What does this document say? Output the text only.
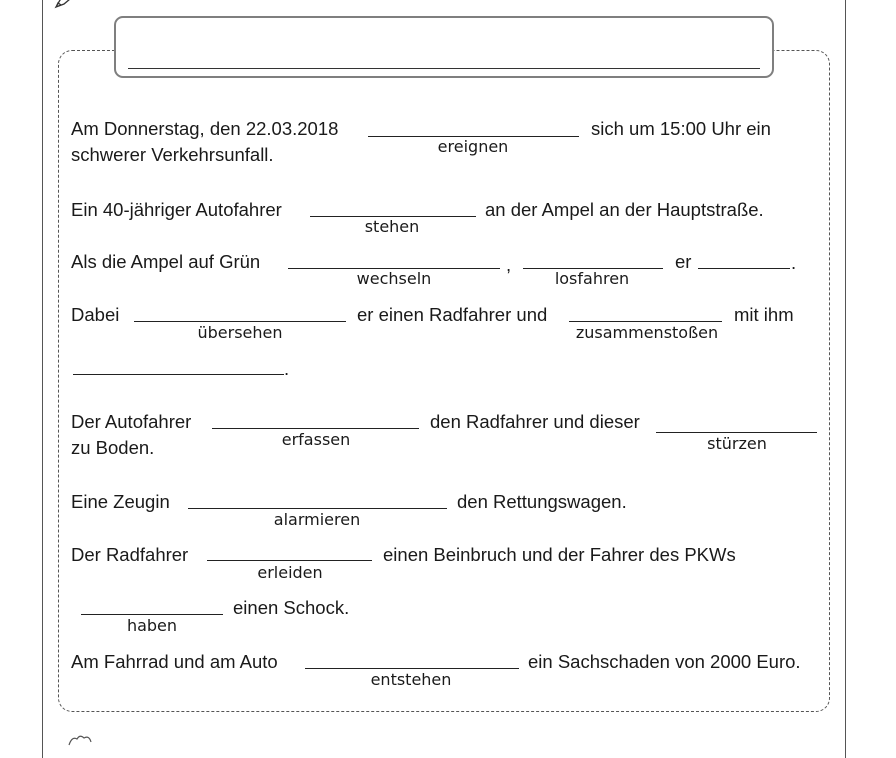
Am Donnerstag, den 22.03.2018
ereignen
sich um 15:00 Uhr ein
schwerer Verkehrsunfall.
Ein 40-jähriger Autofahrer
stehen
an der Ampel an der Hauptstraße.
Als die Ampel auf Grün
wechseln
,
losfahren
er	.
Dabei
übersehen
er einen Radfahrer und
zusammenstoßen
mit ihm
.
Der Autofahrer
erfassen
den Radfahrer und dieser
stürzen
zu Boden.
Eine Zeugin
alarmieren
den Rettungswagen.
Der Radfahrer
erleiden
einen Beinbruch und der Fahrer des PKWs
haben
einen Schock.
Am Fahrrad und am Auto
entstehen
ein Sachschaden von 2000 Euro.
